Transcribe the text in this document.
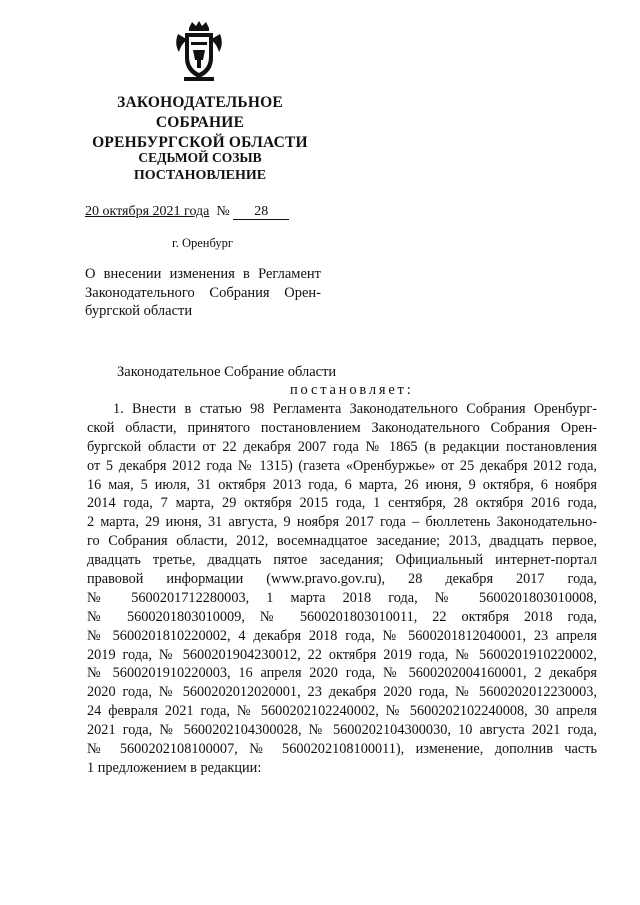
ЗАКОНОДАТЕЛЬНОЕ
СОБРАНИЕ
ОРЕНБУРГСКОЙ ОБЛАСТИ
СЕДЬМОЙ СОЗЫВ
ПОСТАНОВЛЕНИЕ
20 октября 2021 года № 28
г. Оренбург
О внесении изменения в Регламент
Законодательного Собрания Орен-
бургской области
Законодательное Собрание области
постановляет:
1. Внести в статью 98 Регламента Законодательного Собрания Оренбург-
ской области, принятого постановлением Законодательного Собрания Орен-
бургской области от 22 декабря 2007 года № 1865 (в редакции постановления
от 5 декабря 2012 года № 1315) (газета «Оренбуржье» от 25 декабря 2012 года,
16 мая, 5 июля, 31 октября 2013 года, 6 марта, 26 июня, 9 октября, 6 ноября
2014 года, 7 марта, 29 октября 2015 года, 1 сентября, 28 октября 2016 года,
2 марта, 29 июня, 31 августа, 9 ноября 2017 года – бюллетень Законодательно-
го Собрания области, 2012, восемнадцатое заседание; 2013, двадцать первое,
двадцать третье, двадцать пятое заседания; Официальный интернет-портал
правовой информации (www.pravo.gov.ru), 28 декабря 2017 года,
№ 5600201712280003, 1 марта 2018 года, № 5600201803010008,
№ 5600201803010009, № 5600201803010011, 22 октября 2018 года,
№ 5600201810220002, 4 декабря 2018 года, № 5600201812040001, 23 апреля
2019 года, № 5600201904230012, 22 октября 2019 года, № 5600201910220002,
№ 5600201910220003, 16 апреля 2020 года, № 5600202004160001, 2 декабря
2020 года, № 5600202012020001, 23 декабря 2020 года, № 5600202012230003,
24 февраля 2021 года, № 5600202102240002, № 5600202102240008, 30 апреля
2021 года, № 5600202104300028, № 5600202104300030, 10 августа 2021 года,
№ 5600202108100007, № 5600202108100011), изменение, дополнив часть
1 предложением в редакции:
